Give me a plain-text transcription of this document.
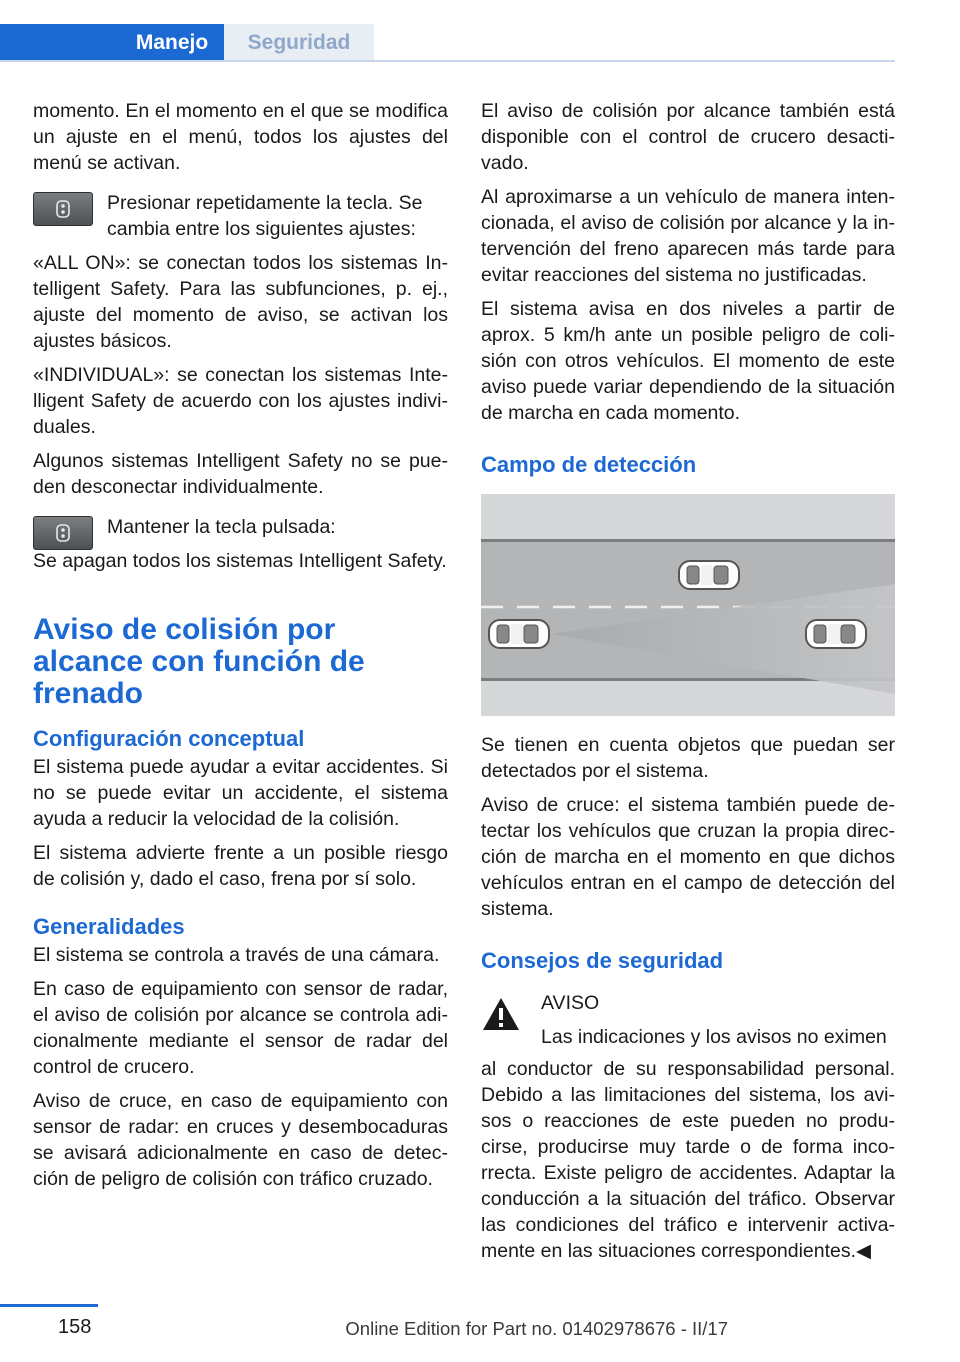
Manejo	Seguridad

momento. En el momento en el que se modifica un ajuste en el menú, todos los ajustes del menú se activan.

Presionar repetidamente la tecla. Se cambia entre los siguientes ajustes:

«ALL ON»: se conectan todos los sistemas Intelligent Safety. Para las subfunciones, p. ej., ajuste del momento de aviso, se activan los ajustes básicos.

«INDIVIDUAL»: se conectan los sistemas Intelligent Safety de acuerdo con los ajustes individuales.

Algunos sistemas Intelligent Safety no se pueden desconectar individualmente.

Mantener la tecla pulsada:

Se apagan todos los sistemas Intelligent Safety.

Aviso de colisión por alcance con función de frenado
Configuración conceptual

El sistema puede ayudar a evitar accidentes. Si no se puede evitar un accidente, el sistema ayuda a reducir la velocidad de la colisión.

El sistema advierte frente a un posible riesgo de colisión y, dado el caso, frena por sí solo.

Generalidades

El sistema se controla a través de una cámara.

En caso de equipamiento con sensor de radar, el aviso de colisión por alcance se controla adicionalmente mediante el sensor de radar del control de crucero.

Aviso de cruce, en caso de equipamiento con sensor de radar: en cruces y desembocaduras se avisará adicionalmente en caso de detección de peligro de colisión con tráfico cruzado.

El aviso de colisión por alcance también está disponible con el control de crucero desactivado.

Al aproximarse a un vehículo de manera intencionada, el aviso de colisión por alcance y la intervención del freno aparecen más tarde para evitar reacciones del sistema no justificadas.

El sistema avisa en dos niveles a partir de aprox. 5 km/h ante un posible peligro de colisión con otros vehículos. El momento de este aviso puede variar dependiendo de la situación de marcha en cada momento.

Campo de detección

Se tienen en cuenta objetos que puedan ser detectados por el sistema.

Aviso de cruce: el sistema también puede detectar los vehículos que cruzan la propia dirección de marcha en el momento en que dichos vehículos entran en el campo de detección del sistema.

Consejos de seguridad

AVISO

Las indicaciones y los avisos no eximen

al conductor de su responsabilidad personal. Debido a las limitaciones del sistema, los avisos o reacciones de este pueden no producirse, producirse muy tarde o de forma incorrecta. Existe peligro de accidentes. Adaptar la conducción a la situación del tráfico. Observar las condiciones del tráfico e intervenir activamente en las situaciones correspondientes.◀

158	Online Edition for Part no. 01402978676 - II/17
